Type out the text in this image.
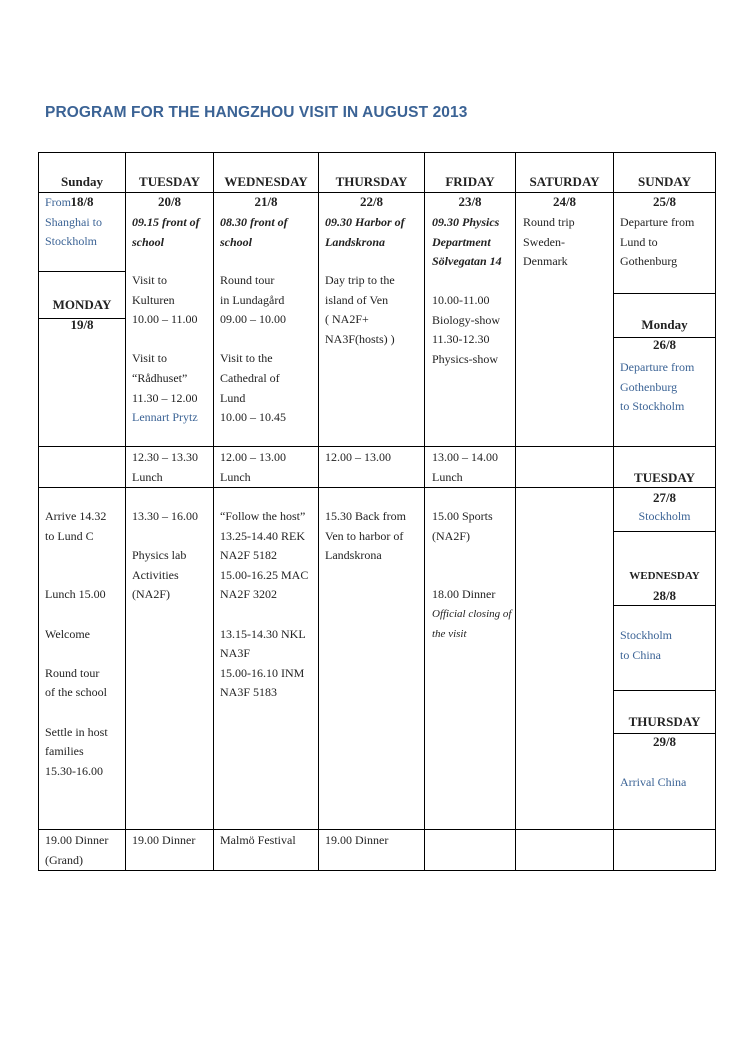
PROGRAM FOR THE HANGZHOU VISIT IN AUGUST 2013

Sunday
18/8

TUESDAY
20/8

WEDNESDAY
21/8

THURSDAY
22/8

FRIDAY
23/8

SATURDAY
24/8

SUNDAY
25/8

From
Shanghai to
Stockholm

MONDAY
19/8

Arrive 14.32
to Lund C

Lunch 15.00

Welcome

Round tour
of the school

Settle in host
families
15.30-16.00
19.00 Dinner
(Grand)
09.15 front of
school
Visit to
Kulturen
10.00 – 11.00

Visit to
“Rådhuset”
11.30 – 12.00
Lennart Prytz
12.30 – 13.30
Lunch
13.30 – 16.00

Physics lab
Activities
(NA2F)
19.00 Dinner
08.30 front of
school
Round tour
in Lundagård
09.00 – 10.00

Visit to the
Cathedral of
Lund
10.00 – 10.45
12.00 – 13.00
Lunch
“Follow the host”
13.25-14.40 REK
NA2F 5182
15.00-16.25 MAC
NA2F 3202

13.15-14.30 NKL
NA3F
15.00-16.10 INM
NA3F 5183
Malmö Festival
09.30 Harbor of
Landskrona
Day trip to the
island of Ven
( NA2F+
NA3F(hosts) )
12.00 – 13.00
15.30 Back from
Ven to harbor of
Landskrona
19.00 Dinner
09.30 Physics
Department
Sölvegatan 14
10.00-11.00
Biology-show
11.30-12.30
Physics-show
13.00 – 14.00
Lunch
15.00 Sports
(NA2F)

18.00 Dinner
Official closing of
the visit
Round trip
Sweden-
Denmark
Departure from
Lund to
Gothenburg

Monday
26/8

Departure from
Gothenburg
to Stockholm

TUESDAY
27/8

Stockholm

WEDNESDAY
28/8

Stockholm
to China

THURSDAY
29/8

Arrival China
